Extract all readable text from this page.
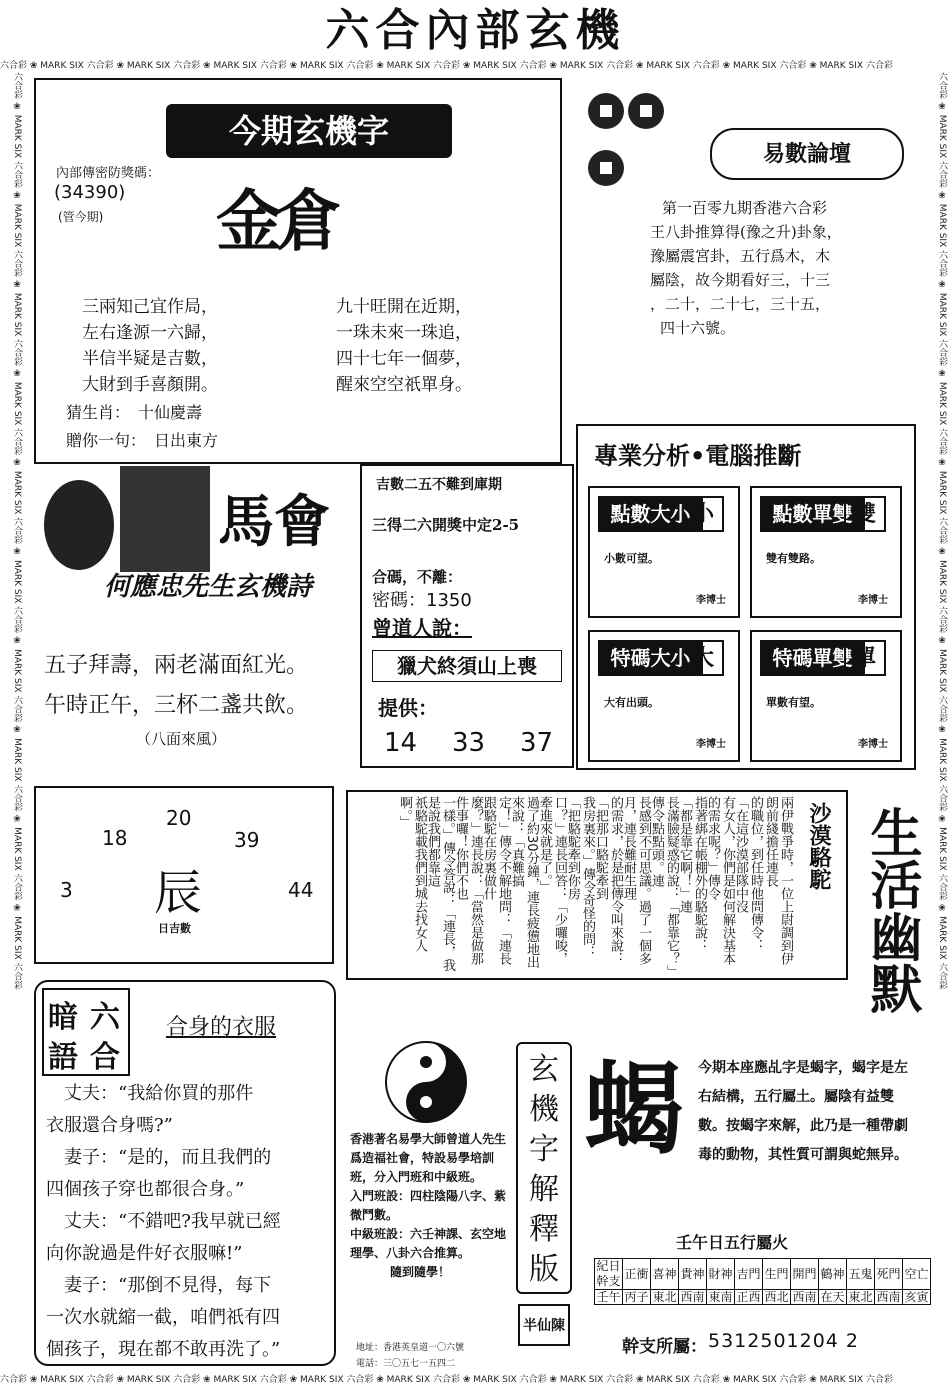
六合內部玄機
六合彩 ❀ MARK SIX 六合彩 ❀ MARK SIX 六合彩 ❀ MARK SIX 六合彩 ❀ MARK SIX 六合彩 ❀ MARK SIX 六合彩 ❀ MARK SIX 六合彩 ❀ MARK SIX 六合彩 ❀ MARK SIX 六合彩 ❀ MARK SIX 六合彩 ❀ MARK SIX 六合彩
六合彩 ❀ MARK SIX 六合彩 ❀ MARK SIX 六合彩 ❀ MARK SIX 六合彩 ❀ MARK SIX 六合彩 ❀ MARK SIX 六合彩 ❀ MARK SIX 六合彩 ❀ MARK SIX 六合彩 ❀ MARK SIX 六合彩 ❀ MARK SIX 六合彩 ❀ MARK SIX 六合彩
六合彩 ❀ MARK SIX 六合彩 ❀ MARK SIX 六合彩 ❀ MARK SIX 六合彩 ❀ MARK SIX 六合彩 ❀ MARK SIX 六合彩 ❀ MARK SIX 六合彩 ❀ MARK SIX 六合彩 ❀ MARK SIX 六合彩 ❀ MARK SIX 六合彩 ❀ MARK SIX 六合彩	六合彩 ❀ MARK SIX 六合彩 ❀ MARK SIX 六合彩 ❀ MARK SIX 六合彩 ❀ MARK SIX 六合彩 ❀ MARK SIX 六合彩 ❀ MARK SIX 六合彩 ❀ MARK SIX 六合彩 ❀ MARK SIX 六合彩 ❀ MARK SIX 六合彩 ❀ MARK SIX 六合彩
今期玄機字
內部傳密防獎碼：
(34390)
(管今期) 金倉
三兩知己宜作局，
左右逢源一六歸，
半信半疑是吉數，
大財到手喜顏開。
九十旺開在近期，
一珠未來一珠追，
四十七年一個夢，
醒來空空祇單身。
猜生肖：　十仙慶壽
贈你一句：　日出東方
易數論壇
第一百零九期香港六合彩
王八卦推算得(豫之升)卦象，
豫屬震宮卦，五行爲木，木
屬陰，故今期看好三，十三
，二十，二十七，三十五，
四十六號。
專業分析•電腦推斷
點數大小 小
小數可望。
李博士
點數單雙 雙
雙有雙路。
李博士
特碼大小 大
大有出頭。
李博士
特碼單雙 單
單數有望。
李博士
馬會
何應忠先生玄機詩
五子拜壽，兩老滿面紅光。
午時正午，三杯二盞共飲。
（八面來風）
吉數二五不難到庫期
三得二六開獎中定2-5
合碼，不離：
密碼：1350
曾道人說：
獵犬終須山上喪
提供：
14 33 37
20
18	39
3	44
辰
日吉數
沙漠駱駝
兩伊戰爭時，一位上尉調到伊朗前綫擔任連長
的職位，到任時他問傳令：「在這沙漠部隊中沒
有女人，你們是如何解決基本的需求呢？」傳令
指著綁在帳棚外的駱駝說：「都是靠它啊！」連
長滿臉疑惑的說：「都靠它？」傳令點點頭。連
長感到不可思議。過了一個多月，連長難耐生理
的需求，於是把傳令叫來說：「把那口駱駝牽到
我房裏來。」傳令奇怪的問：「把駱駝牽到你房
口？」連長回答：「少囉唆，牽進來就是了。」
過了約30分鐘，連長疲憊地出來說：「真難搞
定！」傳令不解地問：「連長跟駱駝在房裏做什
麼？」連長說：「當然是做那件事囉！你們不也
一樣。」傳令答說：「連長，我是說我們都靠這
祇駱駝載我們到城去找女人啊。」	生活幽默
暗 六
語 合
合身的衣服
丈夫：“我給你買的那件
衣服還合身嗎?”
妻子：“是的，而且我們的
四個孩子穿也都很合身。”
丈夫：“不錯吧?我早就已經
向你說過是件好衣服嘛!”
妻子：“那倒不見得，每下
一次水就縮一截，咱們祇有四
個孩子，現在都不敢再洗了。”
香港著名易學大師曾道人先生爲造福社會，特設易學培訓班，分入門班和中級班。
入門班設：四柱陰陽八字、紫微鬥數。
中級班設：六壬神課、玄空地理學、八卦六合推算。
隨到隨學！
地址：香港英皇道一〇六號
電話：三〇五七一五四二
玄
機
字
解
釋
版
半仙陳
蝎 今期本座應乩字是蝎字，蝎字是左右結構，五行屬土。屬陰有益雙數。按蝎字來解，此乃是一種帶劇毒的動物，其性質可謂與蛇無异。
壬午日五行屬火
紀日
幹支	正衝	喜神	貴神	財神	吉門	生門	開門	鶴神	五鬼	死門	空亡

壬午	丙子	東北	西南	東南	正西	西北	西南	在天	東北	西南	亥寅
幹支所屬： 5312501204 2
